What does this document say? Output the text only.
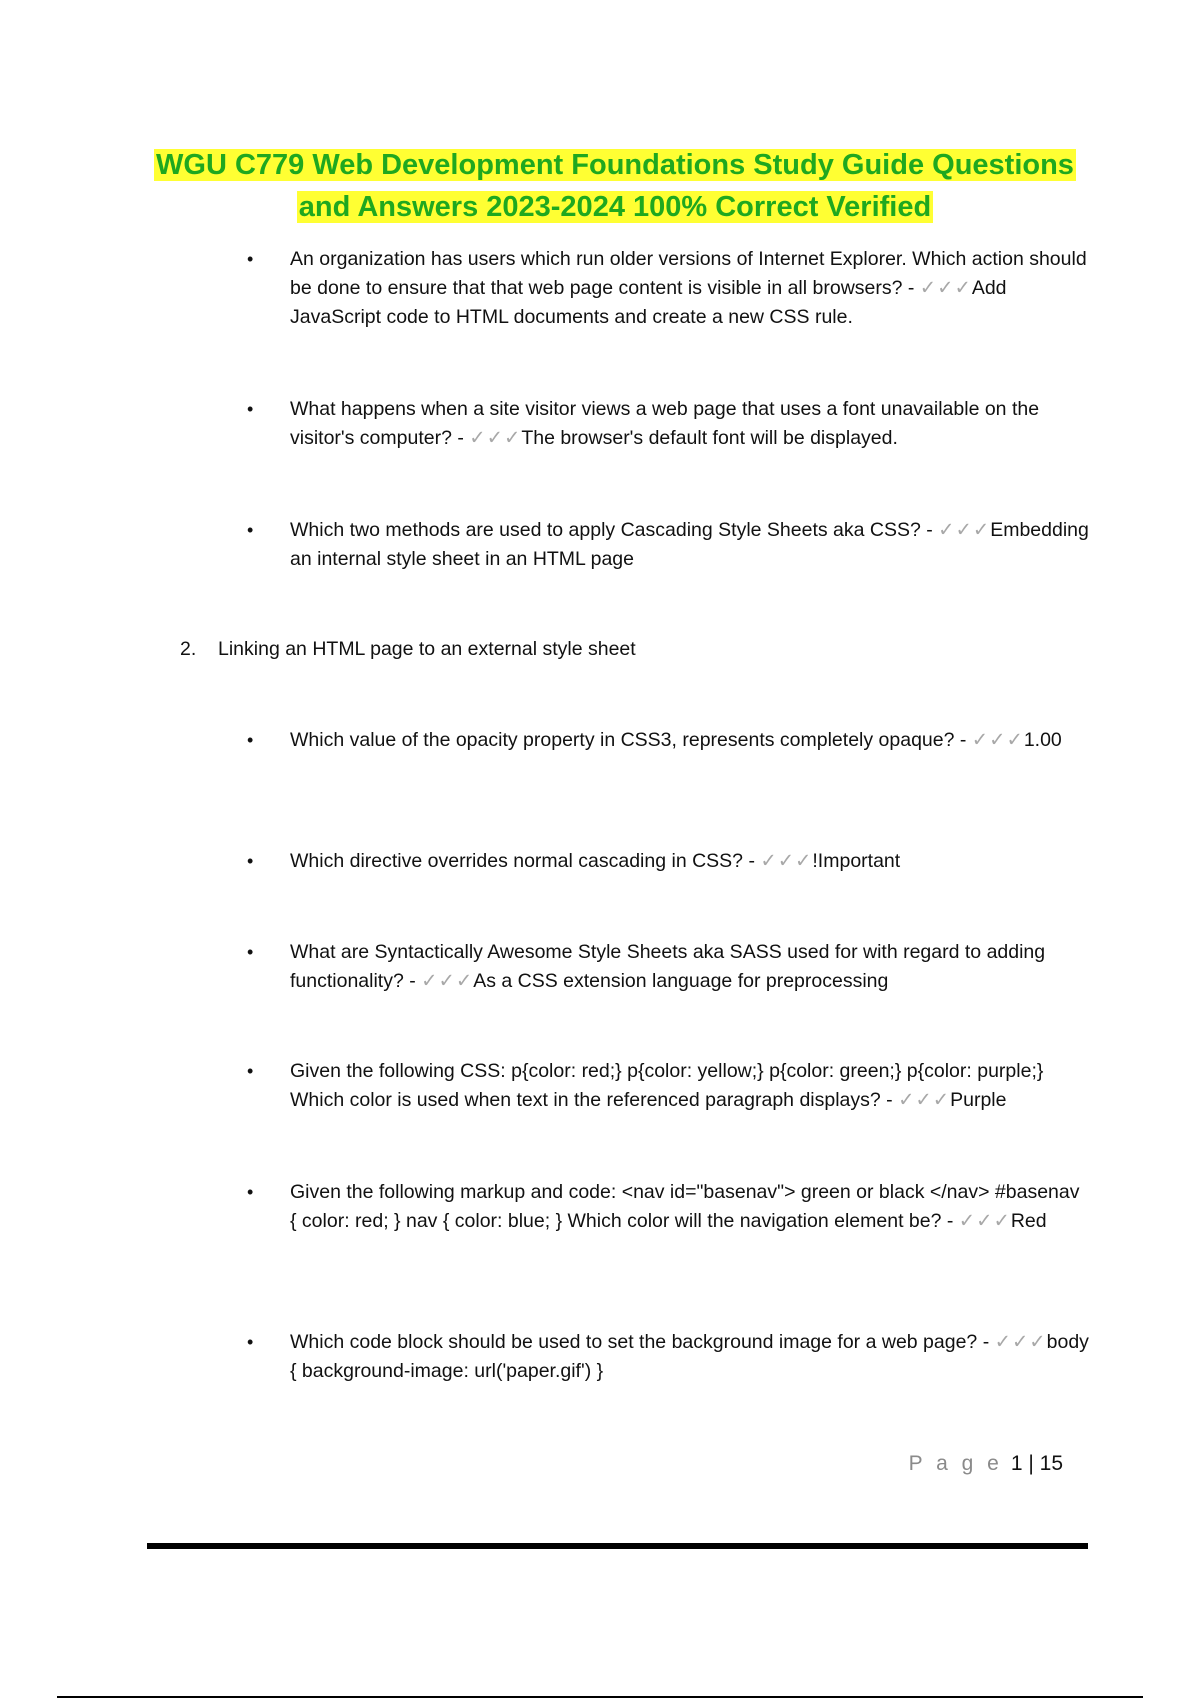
WGU C779 Web Development Foundations Study Guide Questions
and Answers 2023-2024 100% Correct Verified
• An organization has users which run older versions of Internet Explorer. Which action should be done to ensure that that web page content is visible in all browsers? - ✓✓✓Add JavaScript code to HTML documents and create a new CSS rule.
• What happens when a site visitor views a web page that uses a font unavailable on the visitor's computer? - ✓✓✓The browser's default font will be displayed.
• Which two methods are used to apply Cascading Style Sheets aka CSS? - ✓✓✓Embedding an internal style sheet in an HTML page
• Which value of the opacity property in CSS3, represents completely opaque? - ✓✓✓1.00
• Which directive overrides normal cascading in CSS? - ✓✓✓!Important
• What are Syntactically Awesome Style Sheets aka SASS used for with regard to adding functionality? - ✓✓✓As a CSS extension language for preprocessing
• Given the following CSS: p{color: red;} p{color: yellow;} p{color: green;} p{color: purple;} Which color is used when text in the referenced paragraph displays? - ✓✓✓Purple
• Given the following markup and code: <nav id="basenav"> green or black </nav> #basenav { color: red; } nav { color: blue; } Which color will the navigation element be? - ✓✓✓Red
• Which code block should be used to set the background image for a web page? - ✓✓✓body { background-image: url('paper.gif') }
2. Linking an HTML page to an external style sheet
P a g e 1 | 15
